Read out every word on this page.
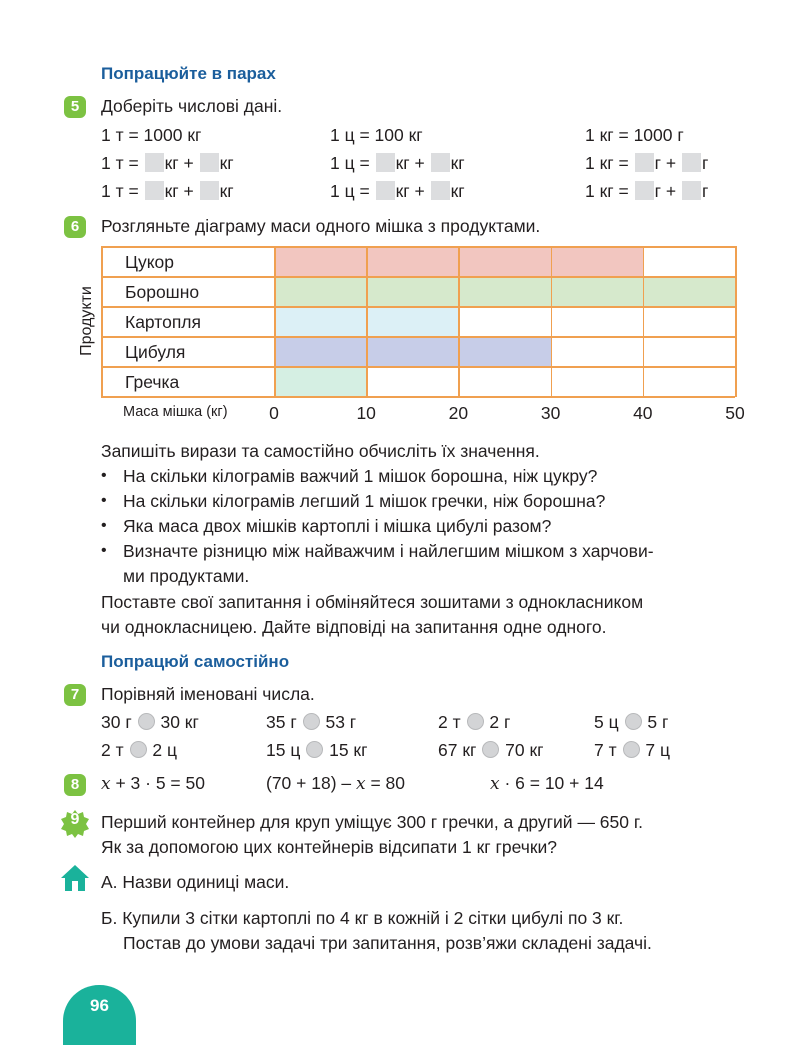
Попрацюйте в парах
5	Доберіть числові дані.
1 т = 1000 кг	1 ц = 100 кг	1 кг = 1000 г
1 т = кг + кг	1 ц = кг + кг	1 кг = г + г
1 т = кг + кг	1 ц = кг + кг	1 кг = г + г
6	Розгляньте діаграму маси одного мішка з продуктами.
Продукти
Цукор
Борошно
Картопля
Цибуля
Гречка
Маса мішка (кг)	0	10	20	30	40	50
Запишіть вирази та самостійно обчисліть їх значення.
• На скільки кілограмів важчий 1 мішок борошна, ніж цукру?
• На скільки кілограмів легший 1 мішок гречки, ніж борошна?
• Яка маса двох мішків картоплі і мішка цибулі разом?
• Визначте різницю між найважчим і найлегшим мішком з харчови-
ми продуктами.
Поставте свої запитання і обміняйтеся зошитами з однокласником
чи однокласницею. Дайте відповіді на запитання одне одного.
Попрацюй самостійно
7	Порівняй іменовані числа.
30 г 30 кг	35 г 53 г	2 т 2 г	5 ц 5 г
2 т 2 ц	15 ц 15 кг	67 кг 70 кг	7 т 7 ц
8	x + 3 · 5 = 50	(70 + 18) – x = 80	x · 6 = 10 + 14
9	Перший контейнер для круп уміщує 300 г гречки, а другий — 650 г.
Як за допомогою цих контейнерів відсипати 1 кг гречки?
А. Назви одиниці маси.
Б. Купили 3 сітки картоплі по 4 кг в кожній і 2 сітки цибулі по 3 кг.
Постав до умови задачі три запитання, розв’яжи складені задачі.
96
